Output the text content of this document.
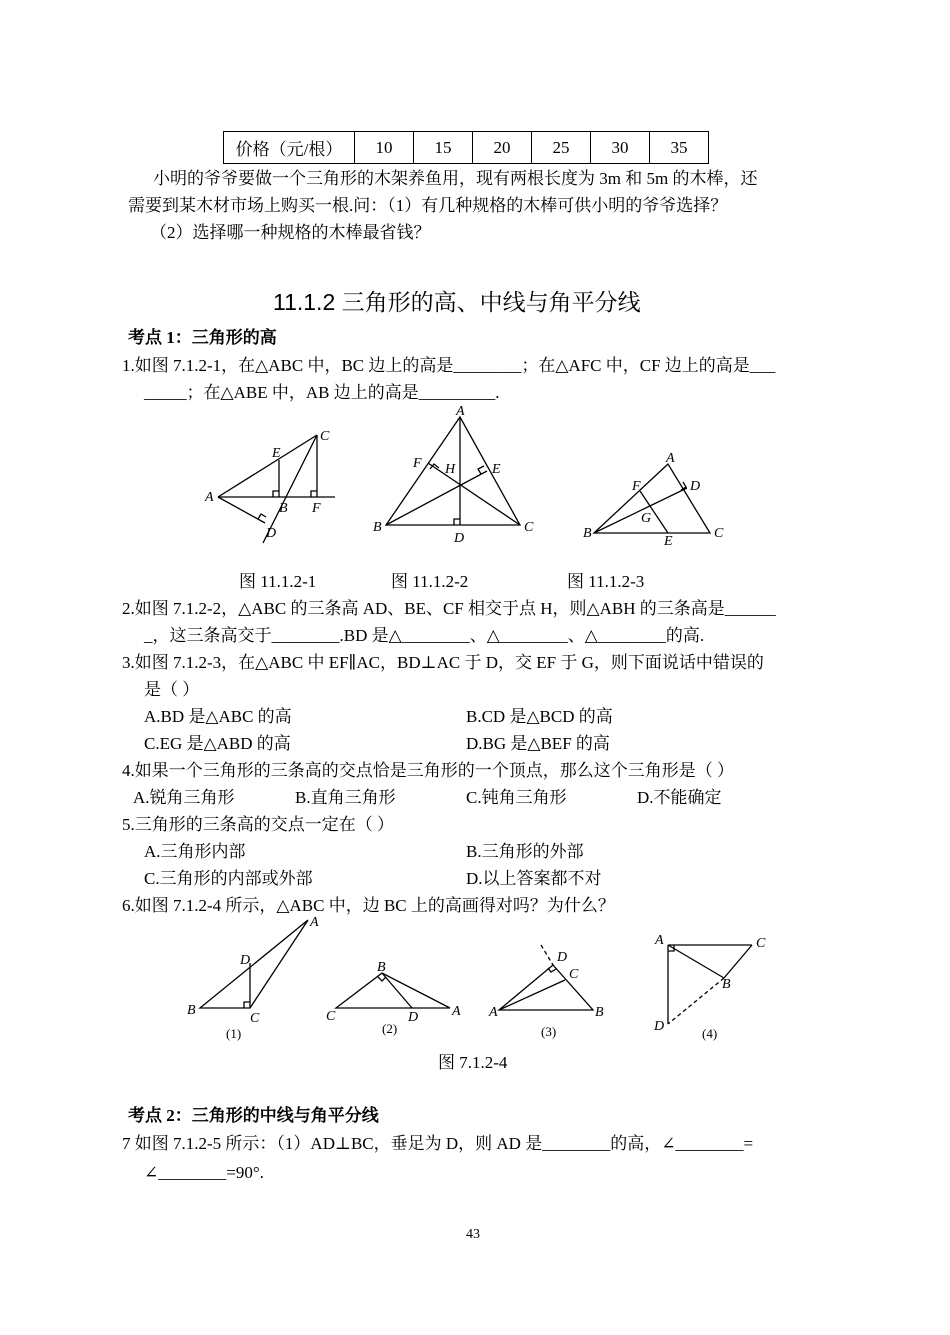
价格（元/根）	10	15	20	25	30	35
小明的爷爷要做一个三角形的木架养鱼用，现有两根长度为 3m 和 5m 的木棒，还
需要到某木材市场上购买一根.问：（1）有几种规格的木棒可供小明的爷爷选择？
（2）选择哪一种规格的木棒最省钱？
11.1.2 三角形的高、中线与角平分线
考点 1：三角形的高
1.如图 7.1.2-1，在△ABC 中，BC 边上的高是________；在△AFC 中，CF 边上的高是___
_____；在△ABE 中，AB 边上的高是_________.
A
C
E
B F
D
A
F H	E
B	C
D
A
F	D
G
B	C
E
图 11.1.2-1	图 11.1.2-2	图 11.1.2-3
2.如图 7.1.2-2，△ABC 的三条高 AD、BE、CF 相交于点 H，则△ABH 的三条高是______
_，这三条高交于________.BD 是△________、△________、△________的高.
3.如图 7.1.2-3，在△ABC 中 EF∥AC，BD⊥AC 于 D，交 EF 于 G，则下面说话中错误的
是（ ）
A.BD 是△ABC 的高	B.CD 是△BCD 的高
C.EG 是△ABD 的高	D.BG 是△BEF 的高
4.如果一个三角形的三条高的交点恰是三角形的一个顶点，那么这个三角形是（ ）
A.锐角三角形	B.直角三角形	C.钝角三角形	D.不能确定
5.三角形的三条高的交点一定在（ ）
A.三角形内部	B.三角形的外部
C.三角形的内部或外部	D.以上答案都不对
6.如图 7.1.2-4 所示，△ABC 中，边 BC 上的高画得对吗？为什么？
A
D
B
C
(1)
B
C	D A
(2)
D
C
A	B
(3)
A	C
B
D	(4)
图 7.1.2-4
考点 2：三角形的中线与角平分线
7 如图 7.1.2-5 所示：（1）AD⊥BC，垂足为 D，则 AD 是________的高，∠________=
∠________=90°.
43
